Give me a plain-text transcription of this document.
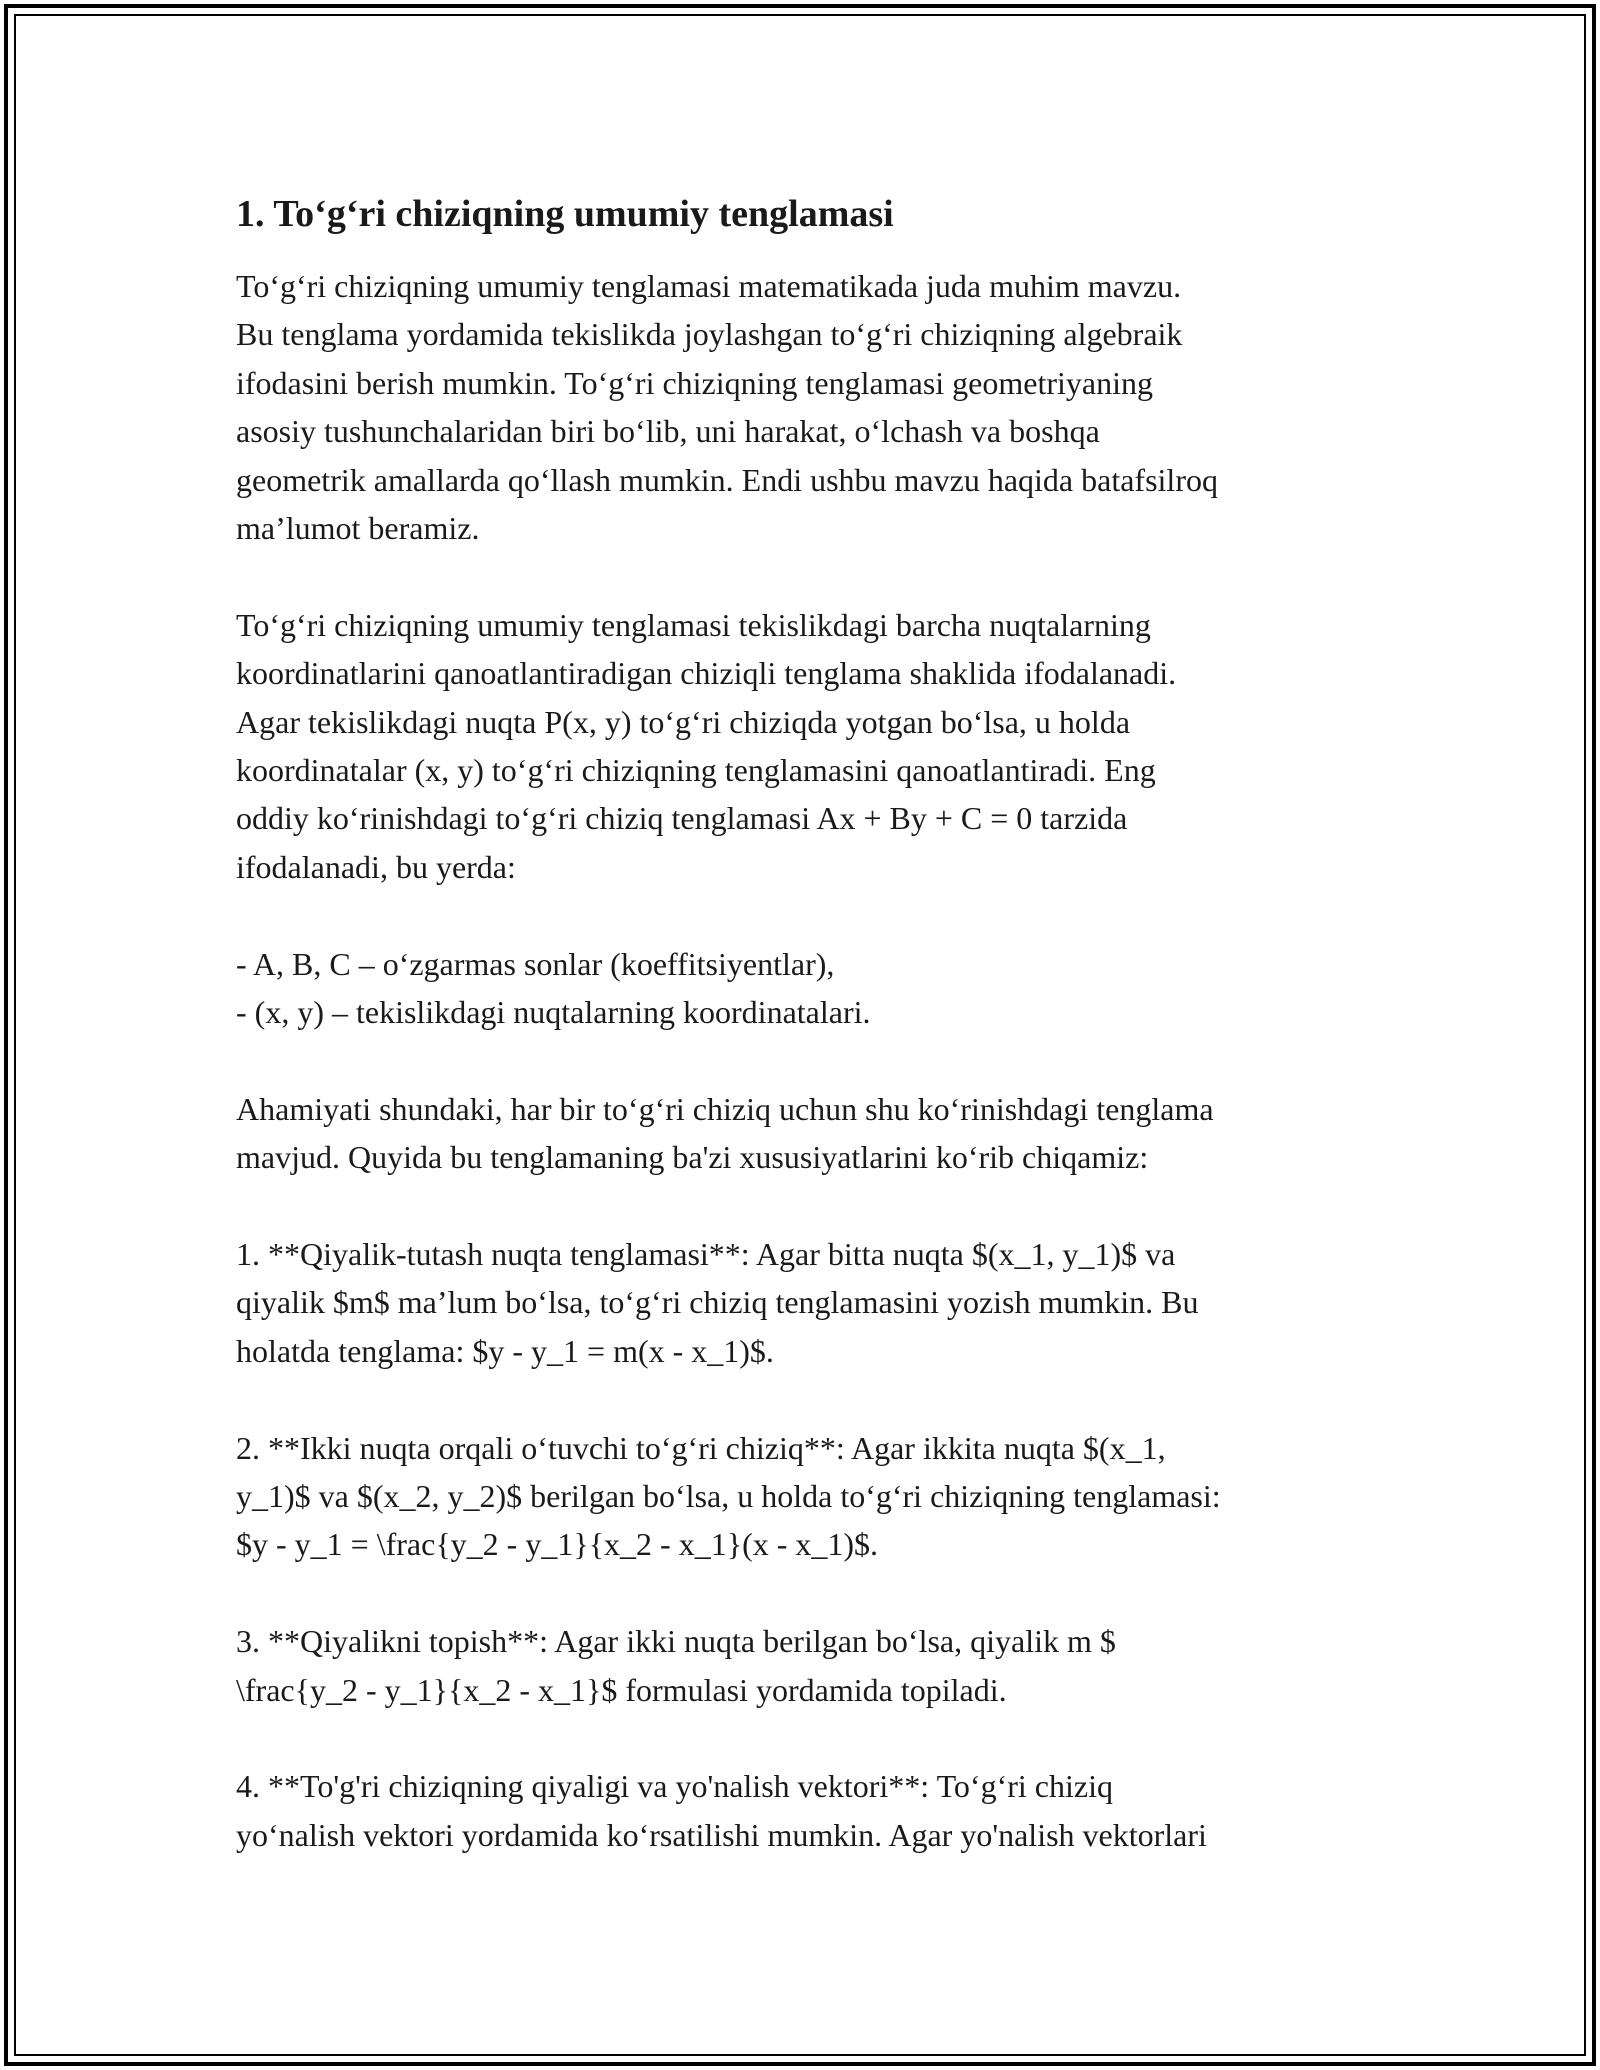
1. To‘g‘ri chiziqning umumiy tenglamasi
To‘g‘ri chiziqning umumiy tenglamasi matematikada juda muhim mavzu.
Bu tenglama yordamida tekislikda joylashgan to‘g‘ri chiziqning algebraik
ifodasini berish mumkin. To‘g‘ri chiziqning tenglamasi geometriyaning
asosiy tushunchalaridan biri bo‘lib, uni harakat, o‘lchash va boshqa
geometrik amallarda qo‘llash mumkin. Endi ushbu mavzu haqida batafsilroq
ma’lumot beramiz.
To‘g‘ri chiziqning umumiy tenglamasi tekislikdagi barcha nuqtalarning
koordinatlarini qanoatlantiradigan chiziqli tenglama shaklida ifodalanadi.
Agar tekislikdagi nuqta P(x, y) to‘g‘ri chiziqda yotgan bo‘lsa, u holda
koordinatalar (x, y) to‘g‘ri chiziqning tenglamasini qanoatlantiradi. Eng
oddiy ko‘rinishdagi to‘g‘ri chiziq tenglamasi Ax + By + C = 0 tarzida
ifodalanadi, bu yerda:
- A, B, C – o‘zgarmas sonlar (koeffitsiyentlar),
- (x, y) – tekislikdagi nuqtalarning koordinatalari.
Ahamiyati shundaki, har bir to‘g‘ri chiziq uchun shu ko‘rinishdagi tenglama
mavjud. Quyida bu tenglamaning ba'zi xususiyatlarini ko‘rib chiqamiz:
1. **Qiyalik-tutash nuqta tenglamasi**: Agar bitta nuqta $(x_1, y_1)$ va
qiyalik $m$ ma’lum bo‘lsa, to‘g‘ri chiziq tenglamasini yozish mumkin. Bu
holatda tenglama: $y - y_1 = m(x - x_1)$.
2. **Ikki nuqta orqali o‘tuvchi to‘g‘ri chiziq**: Agar ikkita nuqta $(x_1,
y_1)$ va $(x_2, y_2)$ berilgan bo‘lsa, u holda to‘g‘ri chiziqning tenglamasi:
$y - y_1 = \frac{y_2 - y_1}{x_2 - x_1}(x - x_1)$.
3. **Qiyalikni topish**: Agar ikki nuqta berilgan bo‘lsa, qiyalik m $
\frac{y_2 - y_1}{x_2 - x_1}$ formulasi yordamida topiladi.
4. **To'g'ri chiziqning qiyaligi va yo'nalish vektori**: To‘g‘ri chiziq
yo‘nalish vektori yordamida ko‘rsatilishi mumkin. Agar yo'nalish vektorlari
